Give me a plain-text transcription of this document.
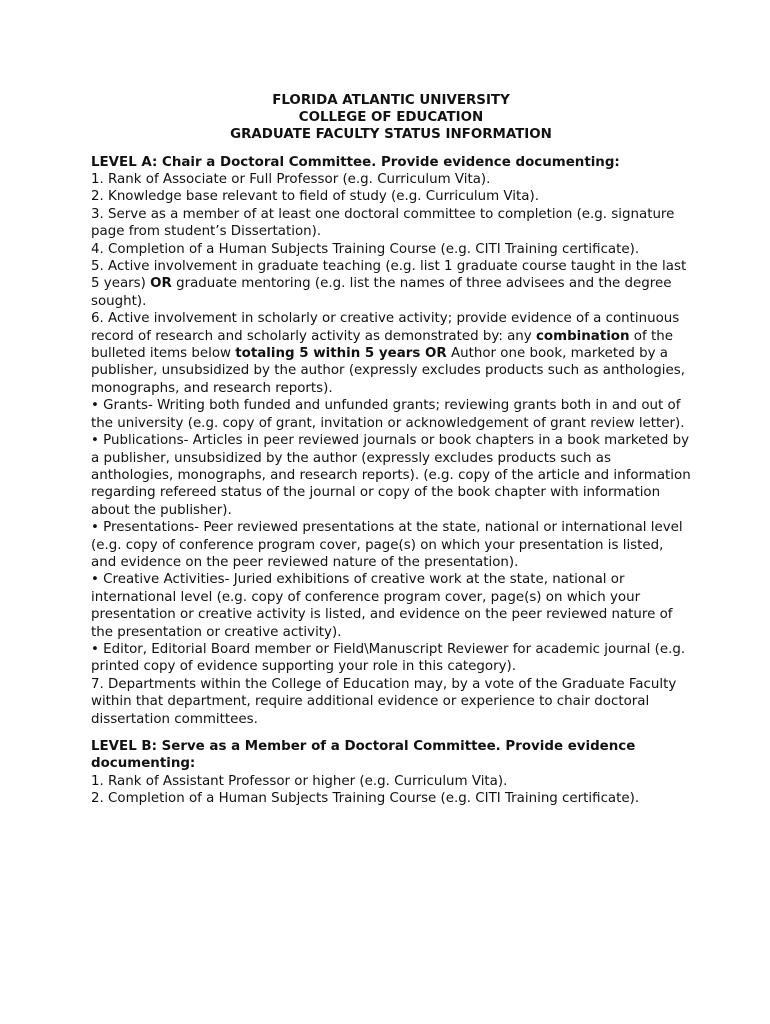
FLORIDA ATLANTIC UNIVERSITY

COLLEGE OF EDUCATION

GRADUATE FACULTY STATUS INFORMATION

LEVEL A: Chair a Doctoral Committee. Provide evidence documenting:

1. Rank of Associate or Full Professor (e.g. Curriculum Vita).

2. Knowledge base relevant to field of study (e.g. Curriculum Vita).

3. Serve as a member of at least one doctoral committee to completion (e.g. signature page from student’s Dissertation).

4. Completion of a Human Subjects Training Course (e.g. CITI Training certificate).

5. Active involvement in graduate teaching (e.g. list 1 graduate course taught in the last 5 years) OR graduate mentoring (e.g. list the names of three advisees and the degree sought).

6. Active involvement in scholarly or creative activity; provide evidence of a continuous record of research and scholarly activity as demonstrated by: any combination of the bulleted items below totaling 5 within 5 years OR Author one book, marketed by a publisher, unsubsidized by the author (expressly excludes products such as anthologies, monographs, and research reports).

• Grants- Writing both funded and unfunded grants; reviewing grants both in and out of the university (e.g. copy of grant, invitation or acknowledgement of grant review letter).

• Publications- Articles in peer reviewed journals or book chapters in a book marketed by a publisher, unsubsidized by the author (expressly excludes products such as anthologies, monographs, and research reports). (e.g. copy of the article and information regarding refereed status of the journal or copy of the book chapter with information about the publisher).

• Presentations- Peer reviewed presentations at the state, national or international level (e.g. copy of conference program cover, page(s) on which your presentation is listed, and evidence on the peer reviewed nature of the presentation).

• Creative Activities- Juried exhibitions of creative work at the state, national or international level (e.g. copy of conference program cover, page(s) on which your presentation or creative activity is listed, and evidence on the peer reviewed nature of the presentation or creative activity).

• Editor, Editorial Board member or Field\Manuscript Reviewer for academic journal (e.g. printed copy of evidence supporting your role in this category).

7. Departments within the College of Education may, by a vote of the Graduate Faculty within that department, require additional evidence or experience to chair doctoral dissertation committees.

LEVEL B: Serve as a Member of a Doctoral Committee. Provide evidence documenting:

1. Rank of Assistant Professor or higher (e.g. Curriculum Vita).

2. Completion of a Human Subjects Training Course (e.g. CITI Training certificate).
